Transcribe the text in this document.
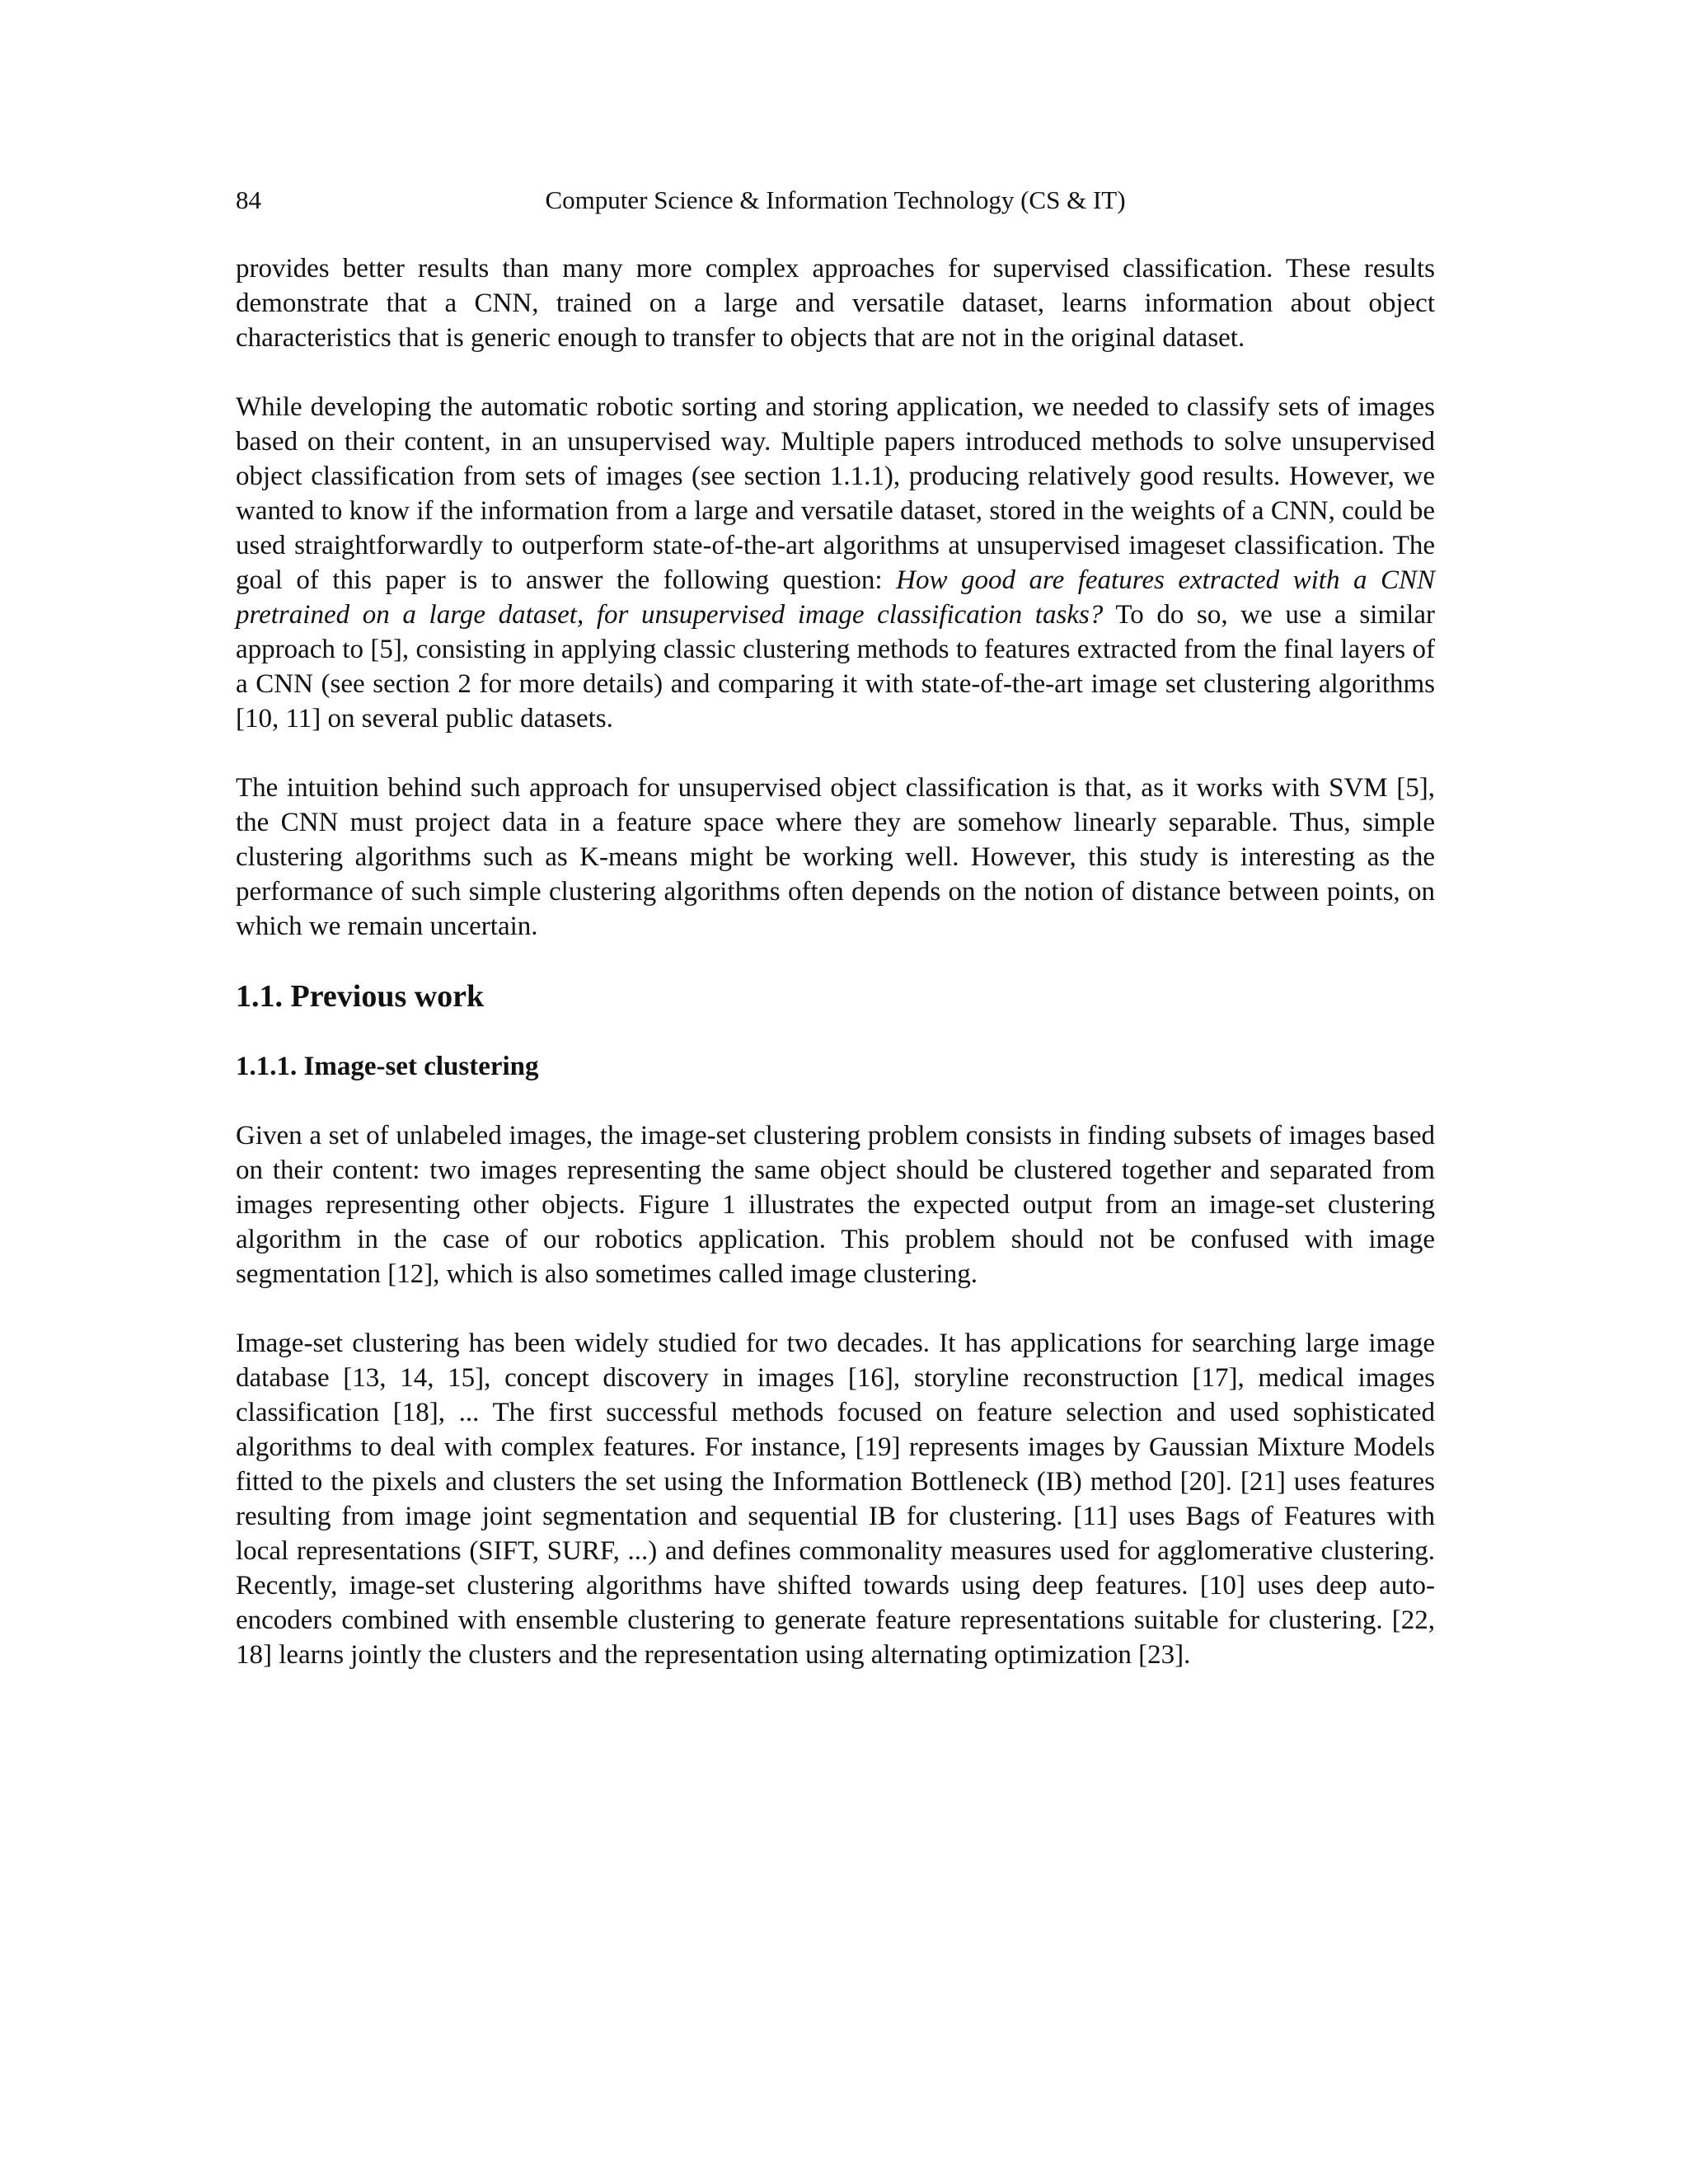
84	Computer Science & Information Technology (CS & IT)

provides better results than many more complex approaches for supervised classification. These results demonstrate that a CNN, trained on a large and versatile dataset, learns information about object characteristics that is generic enough to transfer to objects that are not in the original dataset.

While developing the automatic robotic sorting and storing application, we needed to classify sets of images based on their content, in an unsupervised way. Multiple papers introduced methods to solve unsupervised object classification from sets of images (see section 1.1.1), producing relatively good results. However, we wanted to know if the information from a large and versatile dataset, stored in the weights of a CNN, could be used straightforwardly to outperform state-of-the-art algorithms at unsupervised imageset classification. The goal of this paper is to answer the following question: How good are features extracted with a CNN pretrained on a large dataset, for unsupervised image classification tasks? To do so, we use a similar approach to [5], consisting in applying classic clustering methods to features extracted from the final layers of a CNN (see section 2 for more details) and comparing it with state-of-the-art image set clustering algorithms [10, 11] on several public datasets.

The intuition behind such approach for unsupervised object classification is that, as it works with SVM [5], the CNN must project data in a feature space where they are somehow linearly separable. Thus, simple clustering algorithms such as K-means might be working well. However, this study is interesting as the performance of such simple clustering algorithms often depends on the notion of distance between points, on which we remain uncertain.

1.1. Previous work
1.1.1. Image-set clustering

Given a set of unlabeled images, the image-set clustering problem consists in finding subsets of images based on their content: two images representing the same object should be clustered together and separated from images representing other objects. Figure 1 illustrates the expected output from an image-set clustering algorithm in the case of our robotics application. This problem should not be confused with image segmentation [12], which is also sometimes called image clustering.

Image-set clustering has been widely studied for two decades. It has applications for searching large image database [13, 14, 15], concept discovery in images [16], storyline reconstruction [17], medical images classification [18], ... The first successful methods focused on feature selection and used sophisticated algorithms to deal with complex features. For instance, [19] represents images by Gaussian Mixture Models fitted to the pixels and clusters the set using the Information Bottleneck (IB) method [20]. [21] uses features resulting from image joint segmentation and sequential IB for clustering. [11] uses Bags of Features with local representations (SIFT, SURF, ...) and defines commonality measures used for agglomerative clustering. Recently, image-set clustering algorithms have shifted towards using deep features. [10] uses deep auto-encoders combined with ensemble clustering to generate feature representations suitable for clustering. [22, 18] learns jointly the clusters and the representation using alternating optimization [23].
